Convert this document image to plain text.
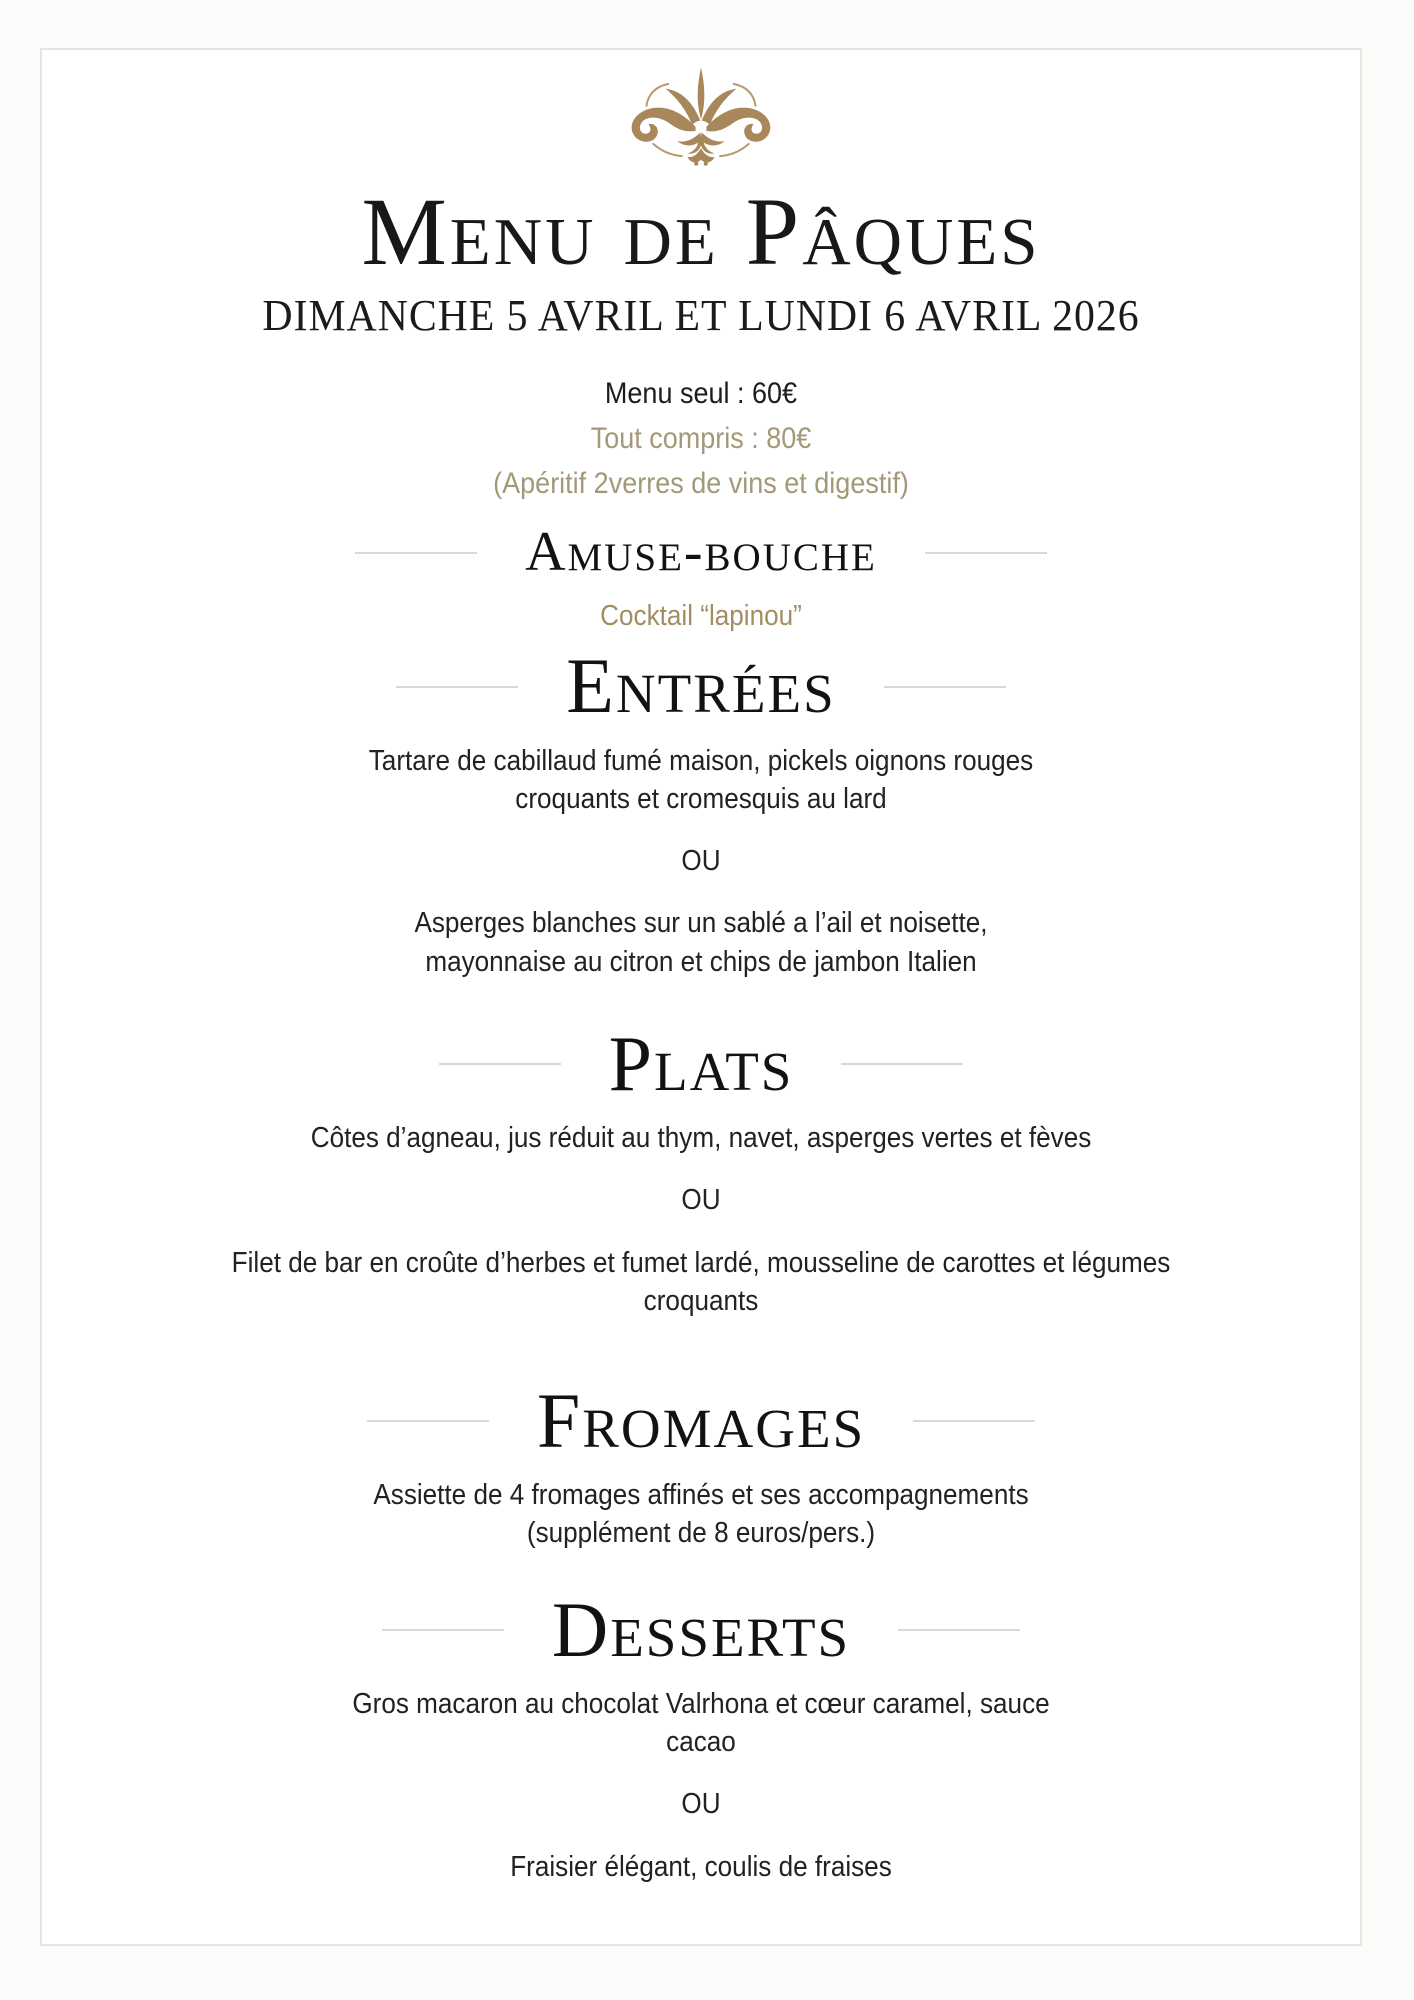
Menu de Pâques
DIMANCHE 5 AVRIL ET LUNDI 6 AVRIL 2026
Menu seul : 60€
Tout compris : 80€
(Apéritif 2verres de vins et digestif)
Amuse-bouche
Cocktail “lapinou”
Entrées
Tartare de cabillaud fumé maison, pickels oignons rouges
croquants et cromesquis au lard
OU
Asperges blanches sur un sablé a l’ail et noisette,
mayonnaise au citron et chips de jambon Italien
Plats
Côtes d’agneau, jus réduit au thym, navet, asperges vertes et fèves
OU
Filet de bar en croûte d’herbes et fumet lardé, mousseline de carottes et légumes
croquants
Fromages
Assiette de 4 fromages affinés et ses accompagnements
(supplément de 8 euros/pers.)
Desserts
Gros macaron au chocolat Valrhona et cœur caramel, sauce
cacao
OU
Fraisier élégant, coulis de fraises
